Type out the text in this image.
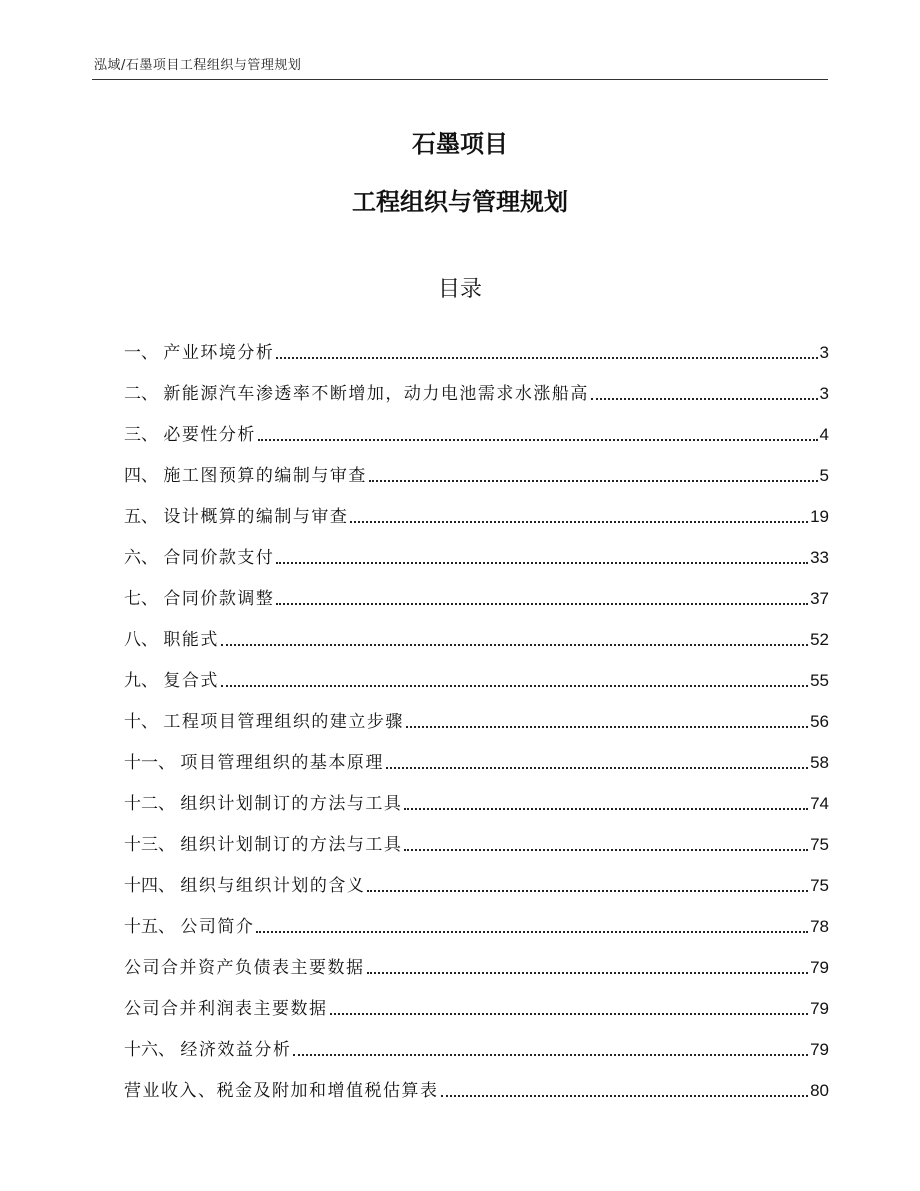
泓域/石墨项目工程组织与管理规划
石墨项目
工程组织与管理规划
目录
一、 产业环境分析	3
二、 新能源汽车渗透率不断增加，动力电池需求水涨船高	3
三、 必要性分析	4
四、 施工图预算的编制与审查	5
五、 设计概算的编制与审查	19
六、 合同价款支付	33
七、 合同价款调整	37
八、 职能式	52
九、 复合式	55
十、 工程项目管理组织的建立步骤	56
十一、 项目管理组织的基本原理	58
十二、 组织计划制订的方法与工具	74
十三、 组织计划制订的方法与工具	75
十四、 组织与组织计划的含义	75
十五、 公司简介	78
公司合并资产负债表主要数据	79
公司合并利润表主要数据	79
十六、 经济效益分析	79
营业收入、税金及附加和增值税估算表	80
